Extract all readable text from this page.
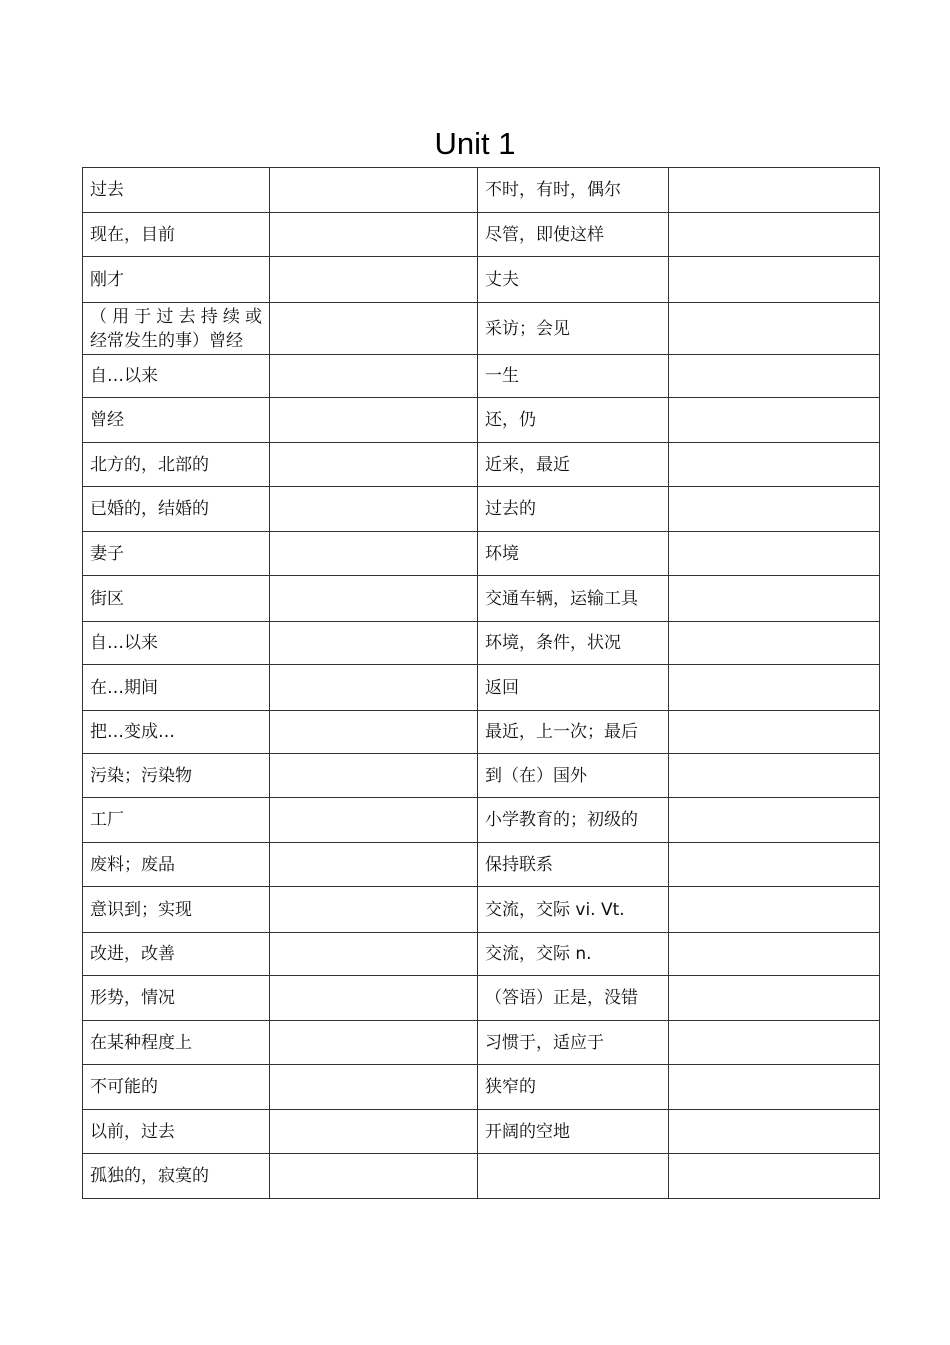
Unit 1
过去		不时，有时，偶尔	
现在，目前		尽管，即使这样	
刚才		丈夫	
（用于过去持续或
经常发生的事）曾经		采访；会见	
自…以来		一生	
曾经		还，仍	
北方的，北部的		近来，最近	
已婚的，结婚的		过去的	
妻子		环境	
街区		交通车辆，运输工具	
自…以来		环境，条件，状况	
在…期间		返回	
把…变成…		最近，上一次；最后	
污染；污染物		到（在）国外	
工厂		小学教育的；初级的	
废料；废品		保持联系	
意识到；实现		交流，交际 vi. Vt.	
改进，改善		交流，交际 n.	
形势，情况		（答语）正是，没错	
在某种程度上		习惯于，适应于	
不可能的		狭窄的	
以前，过去		开阔的空地	
孤独的，寂寞的			
